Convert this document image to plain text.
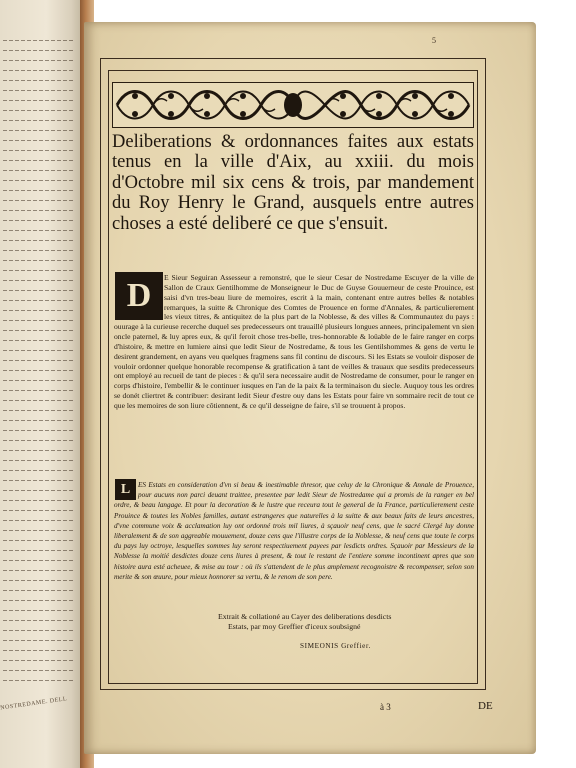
NOSTREDAME. DELL
5
Deliberations & ordonnances faites aux estats tenus en la ville d'Aix, au xxiii. du mois d'Octobre mil six cens & trois, par mandement du Roy Henry le Grand, ausquels entre autres choses a esté deliberé ce que s'ensuit.
D	E Sieur Seguiran Assesseur a remonstré, que le sieur Cesar de Nostredame Escuyer de la ville de Sallon de Craux Gentilhomme de Monseigneur le Duc de Guyse Gouuerneur de ceste Prouince, est saisi d'vn tres-beau liure de memoires, escrit à la main, contenant entre autres belles & notables remarques, la suitte & Chronique des Comtes de Prouence en forme d'Annales, & particulierement les vieux titres, & antiquitez de la plus part de la Noblesse, & des villes & Communautez du pays : ouurage à la curieuse recerche duquel ses predecesseurs ont trauaillé plusieurs longues annees, principalement vn sien oncle paternel, & luy apres eux, & qu'il feroit chose tres-belle, tres-honnorable & loüable de le faire ranger en corps d'histoire, & mettre en lumiere ainsi que ledit Sieur de Nostredame, & tous les Gentilshommes & gens de vertu le desirent grandement, en ayans veu quelques fragmens sans fil continu de discours. Si les Estats se vouloir disposer de vouloir ordonner quelque honorable recompense & gratification à tant de veilles & trauaux que sesdits predecesseurs ont employé au recueil de tant de pieces : & qu'il sera necessaire audit de Nostredame de consumer, pour le ranger en corps d'histoire, l'embellir & le continuer iusques en l'an de la paix & la terminaison du siecle. Auquoy tous les ordres se donét cliertret & contribuer: desirant ledit Sieur d'estre ouy dans les Estats pour faire vn sommaire recit de tout ce que les memoires de son liure côtiennent, & ce qu'il desseigne de faire, s'il se trouuent à propos.
L	ES Estats en consideration d'vn si beau & inestimable thresor, que celuy de la Chronique & Annale de Prouence, pour aucuns non parci deuant traittee, presentee par ledit Sieur de Nostredame qui a promis de la ranger en bel ordre, & beau langage. Et pour la decoration & le lustre que receura tout le general de la France, particulierement ceste Prouince & toutes les Nobles familles, autant estrangeres que naturelles à la suitte & aux beaux faits de leurs ancestres, d'vne commune voix & acclamation luy ont ordonné trois mil liures, à sçauoir neuf cens, que le sacré Clergé luy donne liberalement & de son aggreable mouuement, douze cens que l'illustre corps de la Noblesse, & neuf cens que toute le corps du pays luy octroye, lesquelles sommes luy seront respectiuement payees par lesdicts ordres. Sçauoir par Messieurs de la Noblesse la moitié desdictes douze cens liures à present, & tout le restant de l'entiere somme incontinent apres que son histoire aura esté acheuee, & mise au tour : où ils s'attendent de le plus amplement recognoistre & recompenser, selon son merite & son œuure, pour mieux honnorer sa vertu, & le renom de son pere.
Extrait & collationé au Cayer des deliberations desdicts
Estats, par moy Greffier d'iceux soubsigné
SIMEONIS Greffier.
à 3	DE
